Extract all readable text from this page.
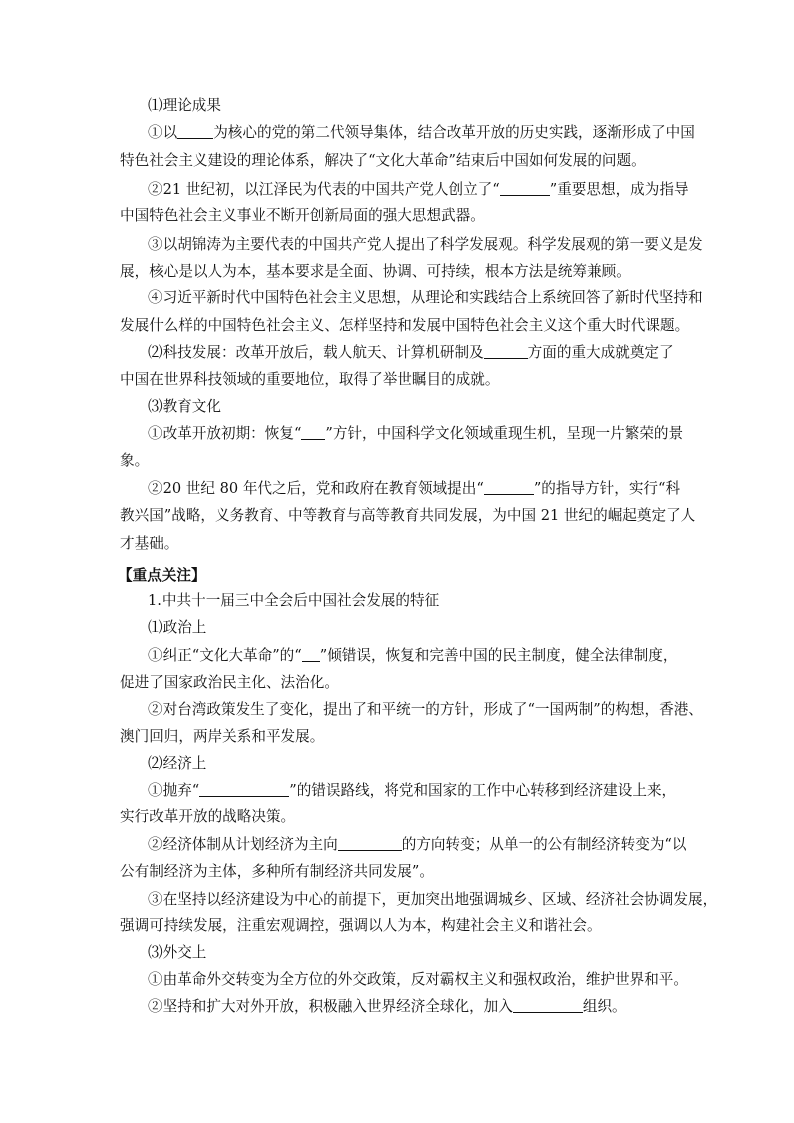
⑴理论成果
①以 为核心的党的第二代领导集体，结合改革开放的历史实践，逐渐形成了中国
特色社会主义建设的理论体系，解决了“文化大革命”结束后中国如何发展的问题。
②21 世纪初，以江泽民为代表的中国共产党人创立了“	”重要思想，成为指导
中国特色社会主义事业不断开创新局面的强大思想武器。
③以胡锦涛为主要代表的中国共产党人提出了科学发展观。科学发展观的第一要义是发
展，核心是以人为本，基本要求是全面、协调、可持续，根本方法是统筹兼顾。
④习近平新时代中国特色社会主义思想，从理论和实践结合上系统回答了新时代坚持和
发展什么样的中国特色社会主义、怎样坚持和发展中国特色社会主义这个重大时代课题。
⑵科技发展：改革开放后，载人航天、计算机研制及	方面的重大成就奠定了
中国在世界科技领域的重要地位，取得了举世瞩目的成就。
⑶教育文化
①改革开放初期：恢复“ ”方针，中国科学文化领域重现生机，呈现一片繁荣的景
象。
②20 世纪 80 年代之后，党和政府在教育领域提出“	”的指导方针，实行“科
教兴国”战略，义务教育、中等教育与高等教育共同发展，为中国 21 世纪的崛起奠定了人
才基础。
【重点关注】
1.中共十一届三中全会后中国社会发展的特征
⑴政治上
①纠正“文化大革命”的“ ”倾错误，恢复和完善中国的民主制度，健全法律制度，
促进了国家政治民主化、法治化。
②对台湾政策发生了变化，提出了和平统一的方针，形成了“一国两制”的构想，香港、
澳门回归，两岸关系和平发展。
⑵经济上
①抛弃“	”的错误路线，将党和国家的工作中心转移到经济建设上来，
实行改革开放的战略决策。
②经济体制从计划经济为主向	的方向转变；从单一的公有制经济转变为“以
公有制经济为主体，多种所有制经济共同发展”。
③在坚持以经济建设为中心的前提下，更加突出地强调城乡、区域、经济社会协调发展，
强调可持续发展，注重宏观调控，强调以人为本，构建社会主义和谐社会。
⑶外交上
①由革命外交转变为全方位的外交政策，反对霸权主义和强权政治，维护世界和平。
②坚持和扩大对外开放，积极融入世界经济全球化，加入	组织。
